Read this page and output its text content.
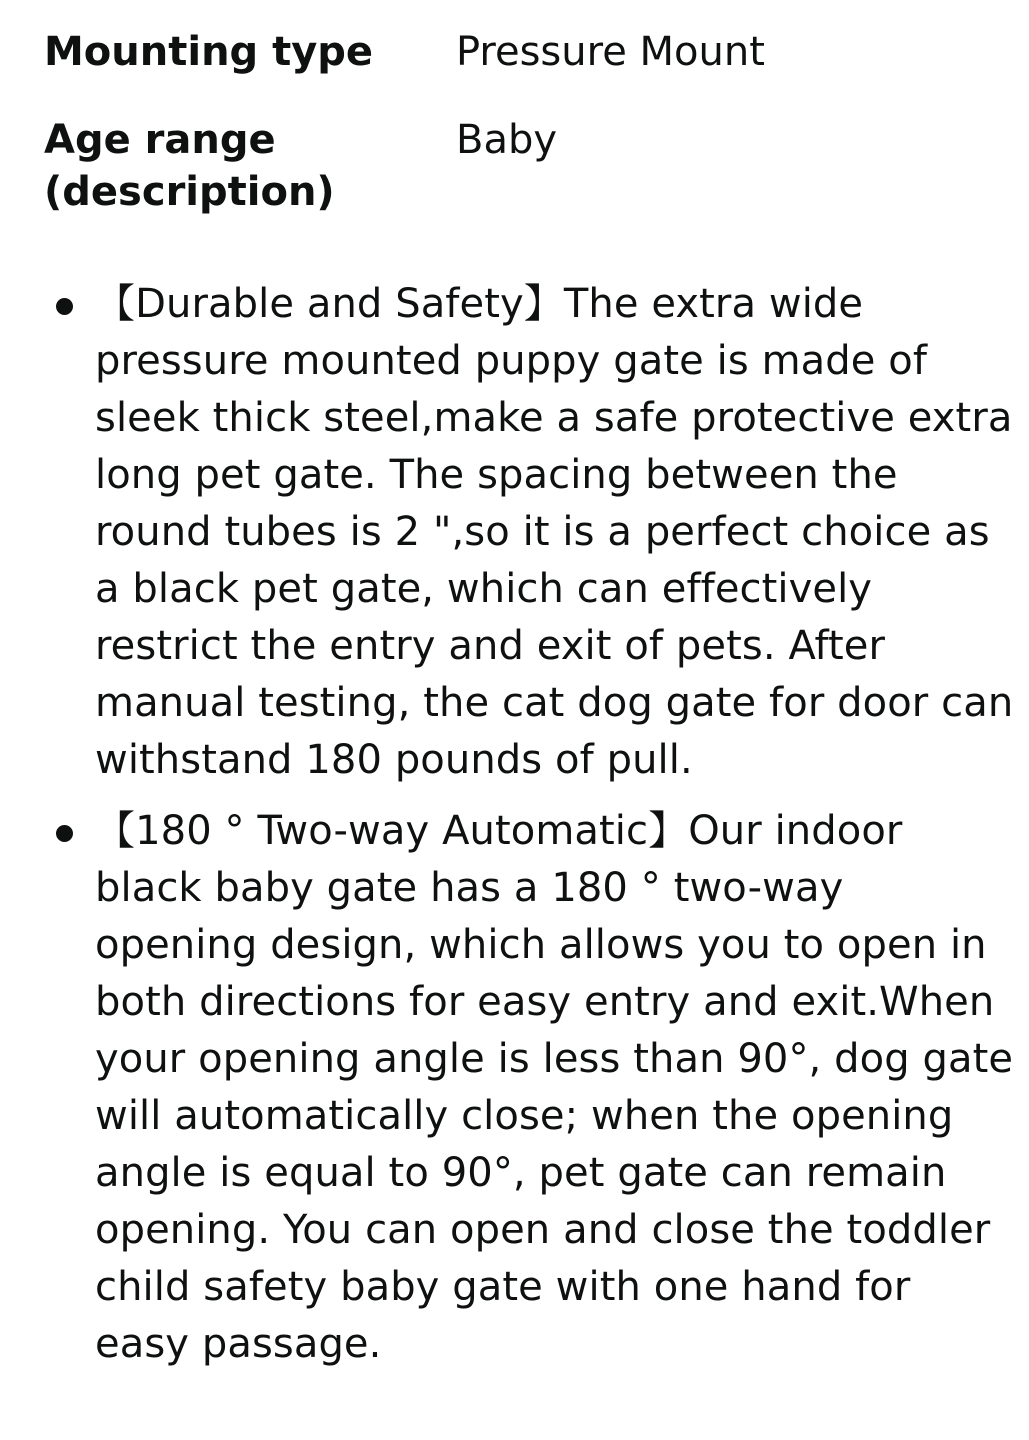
Mounting type	Pressure Mount
Age range
(description)
Baby
【Durable and Safety】The extra wide pressure mounted puppy gate is made of sleek thick steel,make a safe protective extra long pet gate. The spacing between the round tubes is 2 ",so it is a perfect choice as a black pet gate, which can effectively restrict the entry and exit of pets. After manual testing, the cat dog gate for door can withstand 180 pounds of pull.
【180 ° Two-way Automatic】Our indoor black baby gate has a 180 ° two-way opening design, which allows you to open in both directions for easy entry and exit.When your opening angle is less than 90°, dog gate will automatically close; when the opening angle is equal to 90°, pet gate can remain opening. You can open and close the toddler child safety baby gate with one hand for easy passage.
